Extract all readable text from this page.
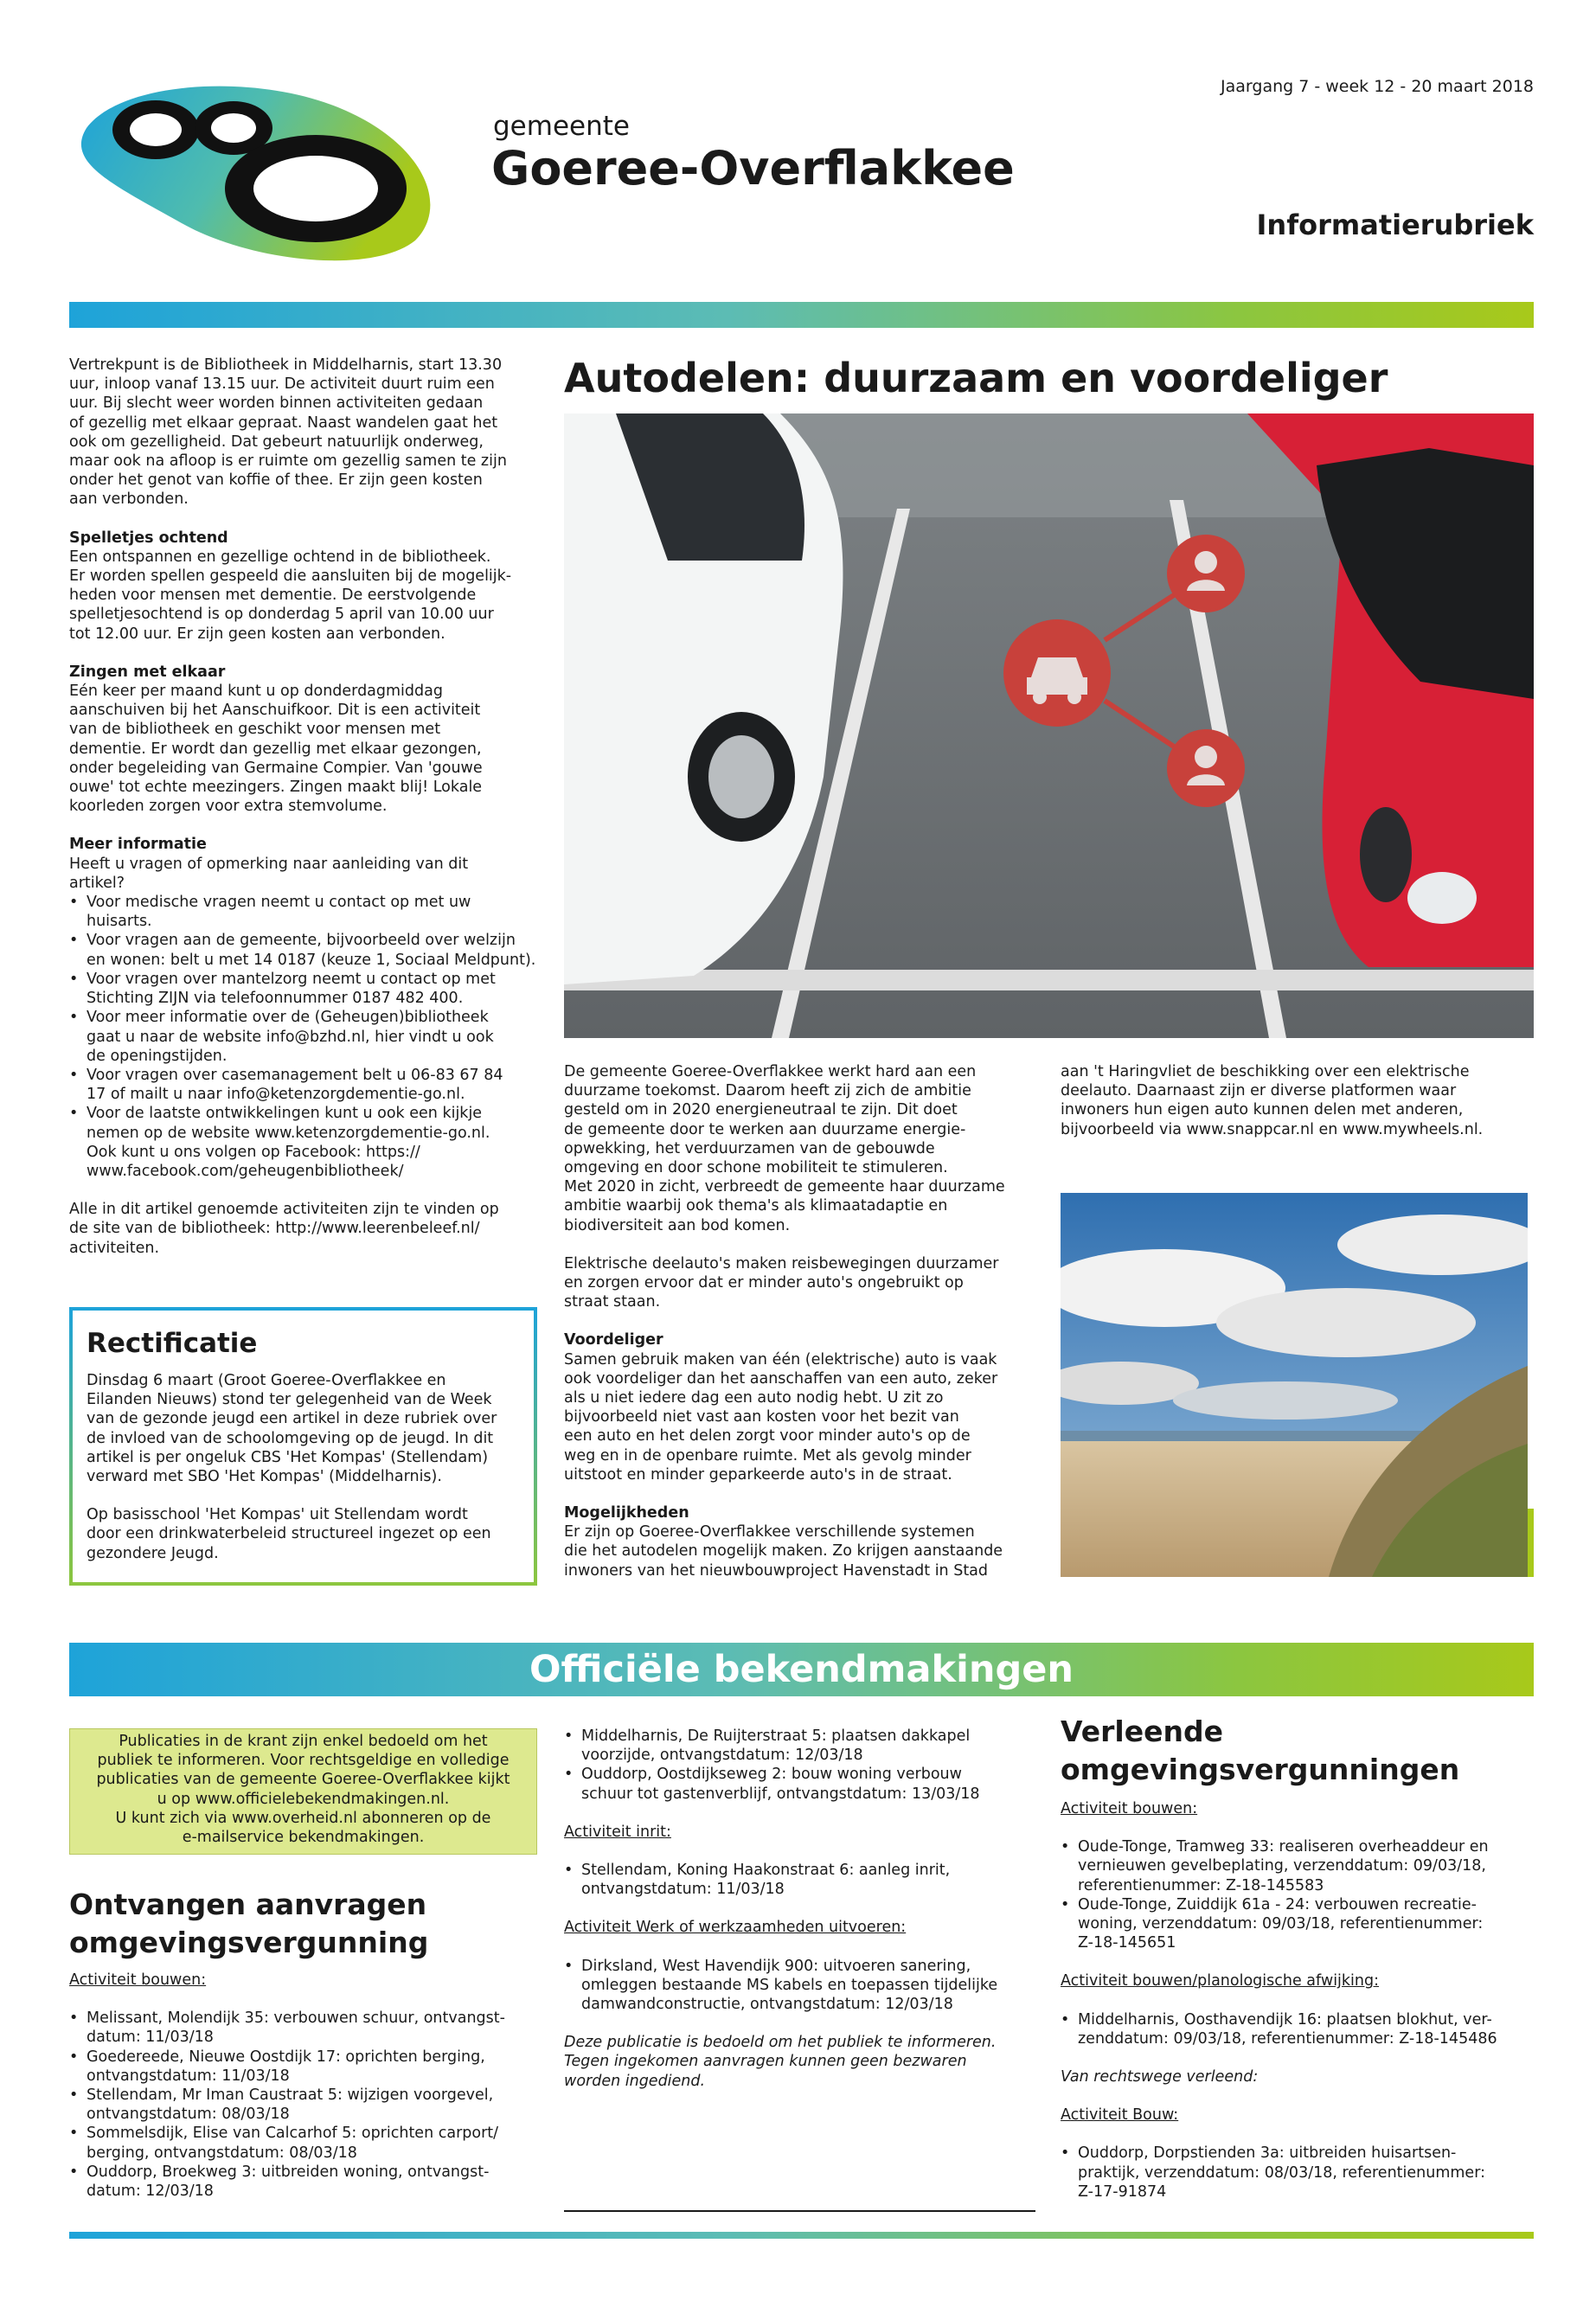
gemeente
Goeree-Overflakkee
Jaargang 7 - week 12 - 20 maart 2018
Informatierubriek
Vertrekpunt is de Bibliotheek in Middelharnis, start 13.30
uur, inloop vanaf 13.15 uur. De activiteit duurt ruim een
uur. Bij slecht weer worden binnen activiteiten gedaan
of gezellig met elkaar gepraat. Naast wandelen gaat het
ook om gezelligheid. Dat gebeurt natuurlijk onderweg,
maar ook na afloop is er ruimte om gezellig samen te zijn
onder het genot van koffie of thee. Er zijn geen kosten
aan verbonden.
Spelletjes ochtend
Een ontspannen en gezellige ochtend in de bibliotheek.
Er worden spellen gespeeld die aansluiten bij de mogelijk-
heden voor mensen met dementie. De eerstvolgende
spelletjesochtend is op donderdag 5 april van 10.00 uur
tot 12.00 uur. Er zijn geen kosten aan verbonden.
Zingen met elkaar
Eén keer per maand kunt u op donderdagmiddag
aanschuiven bij het Aanschuifkoor. Dit is een activiteit
van de bibliotheek en geschikt voor mensen met
dementie. Er wordt dan gezellig met elkaar gezongen,
onder begeleiding van Germaine Compier. Van 'gouwe
ouwe' tot echte meezingers. Zingen maakt blij! Lokale
koorleden zorgen voor extra stemvolume.
Meer informatie
Heeft u vragen of opmerking naar aanleiding van dit
artikel?
• Voor medische vragen neemt u contact op met uw
huisarts.
• Voor vragen aan de gemeente, bijvoorbeeld over welzijn
en wonen: belt u met 14 0187 (keuze 1, Sociaal Meldpunt).
• Voor vragen over mantelzorg neemt u contact op met
Stichting ZIJN via telefoonnummer 0187 482 400.
• Voor meer informatie over de (Geheugen)bibliotheek
gaat u naar de website info@bzhd.nl, hier vindt u ook
de openingstijden.
• Voor vragen over casemanagement belt u 06-83 67 84
17 of mailt u naar info@ketenzorgdementie-go.nl.
• Voor de laatste ontwikkelingen kunt u ook een kijkje
nemen op de website www.ketenzorgdementie-go.nl.
Ook kunt u ons volgen op Facebook: https://
www.facebook.com/geheugenbibliotheek/
Alle in dit artikel genoemde activiteiten zijn te vinden op
de site van de bibliotheek: http://www.leerenbeleef.nl/
activiteiten.
Rectificatie
Dinsdag 6 maart (Groot Goeree-Overflakkee en
Eilanden Nieuws) stond ter gelegenheid van de Week
van de gezonde jeugd een artikel in deze rubriek over
de invloed van de schoolomgeving op de jeugd. In dit
artikel is per ongeluk CBS 'Het Kompas' (Stellendam)
verward met SBO 'Het Kompas' (Middelharnis).
Op basisschool 'Het Kompas' uit Stellendam wordt
door een drinkwaterbeleid structureel ingezet op een
gezondere Jeugd.
Autodelen: duurzaam en voordeliger
De gemeente Goeree-Overflakkee werkt hard aan een
duurzame toekomst. Daarom heeft zij zich de ambitie
gesteld om in 2020 energieneutraal te zijn. Dit doet
de gemeente door te werken aan duurzame energie-
opwekking, het verduurzamen van de gebouwde
omgeving en door schone mobiliteit te stimuleren.
Met 2020 in zicht, verbreedt de gemeente haar duurzame
ambitie waarbij ook thema's als klimaatadaptie en
biodiversiteit aan bod komen.
Elektrische deelauto's maken reisbewegingen duurzamer
en zorgen ervoor dat er minder auto's ongebruikt op
straat staan.
Voordeliger
Samen gebruik maken van één (elektrische) auto is vaak
ook voordeliger dan het aanschaffen van een auto, zeker
als u niet iedere dag een auto nodig hebt. U zit zo
bijvoorbeeld niet vast aan kosten voor het bezit van
een auto en het delen zorgt voor minder auto's op de
weg en in de openbare ruimte. Met als gevolg minder
uitstoot en minder geparkeerde auto's in de straat.
Mogelijkheden
Er zijn op Goeree-Overflakkee verschillende systemen
die het autodelen mogelijk maken. Zo krijgen aanstaande
inwoners van het nieuwbouwproject Havenstadt in Stad
aan 't Haringvliet de beschikking over een elektrische
deelauto. Daarnaast zijn er diverse platformen waar
inwoners hun eigen auto kunnen delen met anderen,
bijvoorbeeld via www.snappcar.nl en www.mywheels.nl.
Officiële bekendmakingen
Publicaties in de krant zijn enkel bedoeld om het
publiek te informeren. Voor rechtsgeldige en volledige
publicaties van de gemeente Goeree-Overflakkee kijkt
u op www.officielebekendmakingen.nl.
U kunt zich via www.overheid.nl abonneren op de
e-mailservice bekendmakingen.
Ontvangen aanvragen
omgevingsvergunning
Activiteit bouwen:
• Melissant, Molendijk 35: verbouwen schuur, ontvangst-
datum: 11/03/18
• Goedereede, Nieuwe Oostdijk 17: oprichten berging,
ontvangstdatum: 11/03/18
• Stellendam, Mr Iman Caustraat 5: wijzigen voorgevel,
ontvangstdatum: 08/03/18
• Sommelsdijk, Elise van Calcarhof 5: oprichten carport/
berging, ontvangstdatum: 08/03/18
• Ouddorp, Broekweg 3: uitbreiden woning, ontvangst-
datum: 12/03/18
• Middelharnis, De Ruijterstraat 5: plaatsen dakkapel
voorzijde, ontvangstdatum: 12/03/18
• Ouddorp, Oostdijkseweg 2: bouw woning verbouw
schuur tot gastenverblijf, ontvangstdatum: 13/03/18
Activiteit inrit:
• Stellendam, Koning Haakonstraat 6: aanleg inrit,
ontvangstdatum: 11/03/18
Activiteit Werk of werkzaamheden uitvoeren:
• Dirksland, West Havendijk 900: uitvoeren sanering,
omleggen bestaande MS kabels en toepassen tijdelijke
damwandconstructie, ontvangstdatum: 12/03/18
Deze publicatie is bedoeld om het publiek te informeren.
Tegen ingekomen aanvragen kunnen geen bezwaren
worden ingediend.
Verleende
omgevingsvergunningen
Activiteit bouwen:
• Oude-Tonge, Tramweg 33: realiseren overheaddeur en
vernieuwen gevelbeplating, verzenddatum: 09/03/18,
referentienummer: Z-18-145583
• Oude-Tonge, Zuiddijk 61a - 24: verbouwen recreatie-
woning, verzenddatum: 09/03/18, referentienummer:
Z-18-145651
Activiteit bouwen/planologische afwijking:
• Middelharnis, Oosthavendijk 16: plaatsen blokhut, ver-
zenddatum: 09/03/18, referentienummer: Z-18-145486
Van rechtswege verleend:
Activiteit Bouw:
• Ouddorp, Dorpstienden 3a: uitbreiden huisartsen-
praktijk, verzenddatum: 08/03/18, referentienummer:
Z-17-91874
